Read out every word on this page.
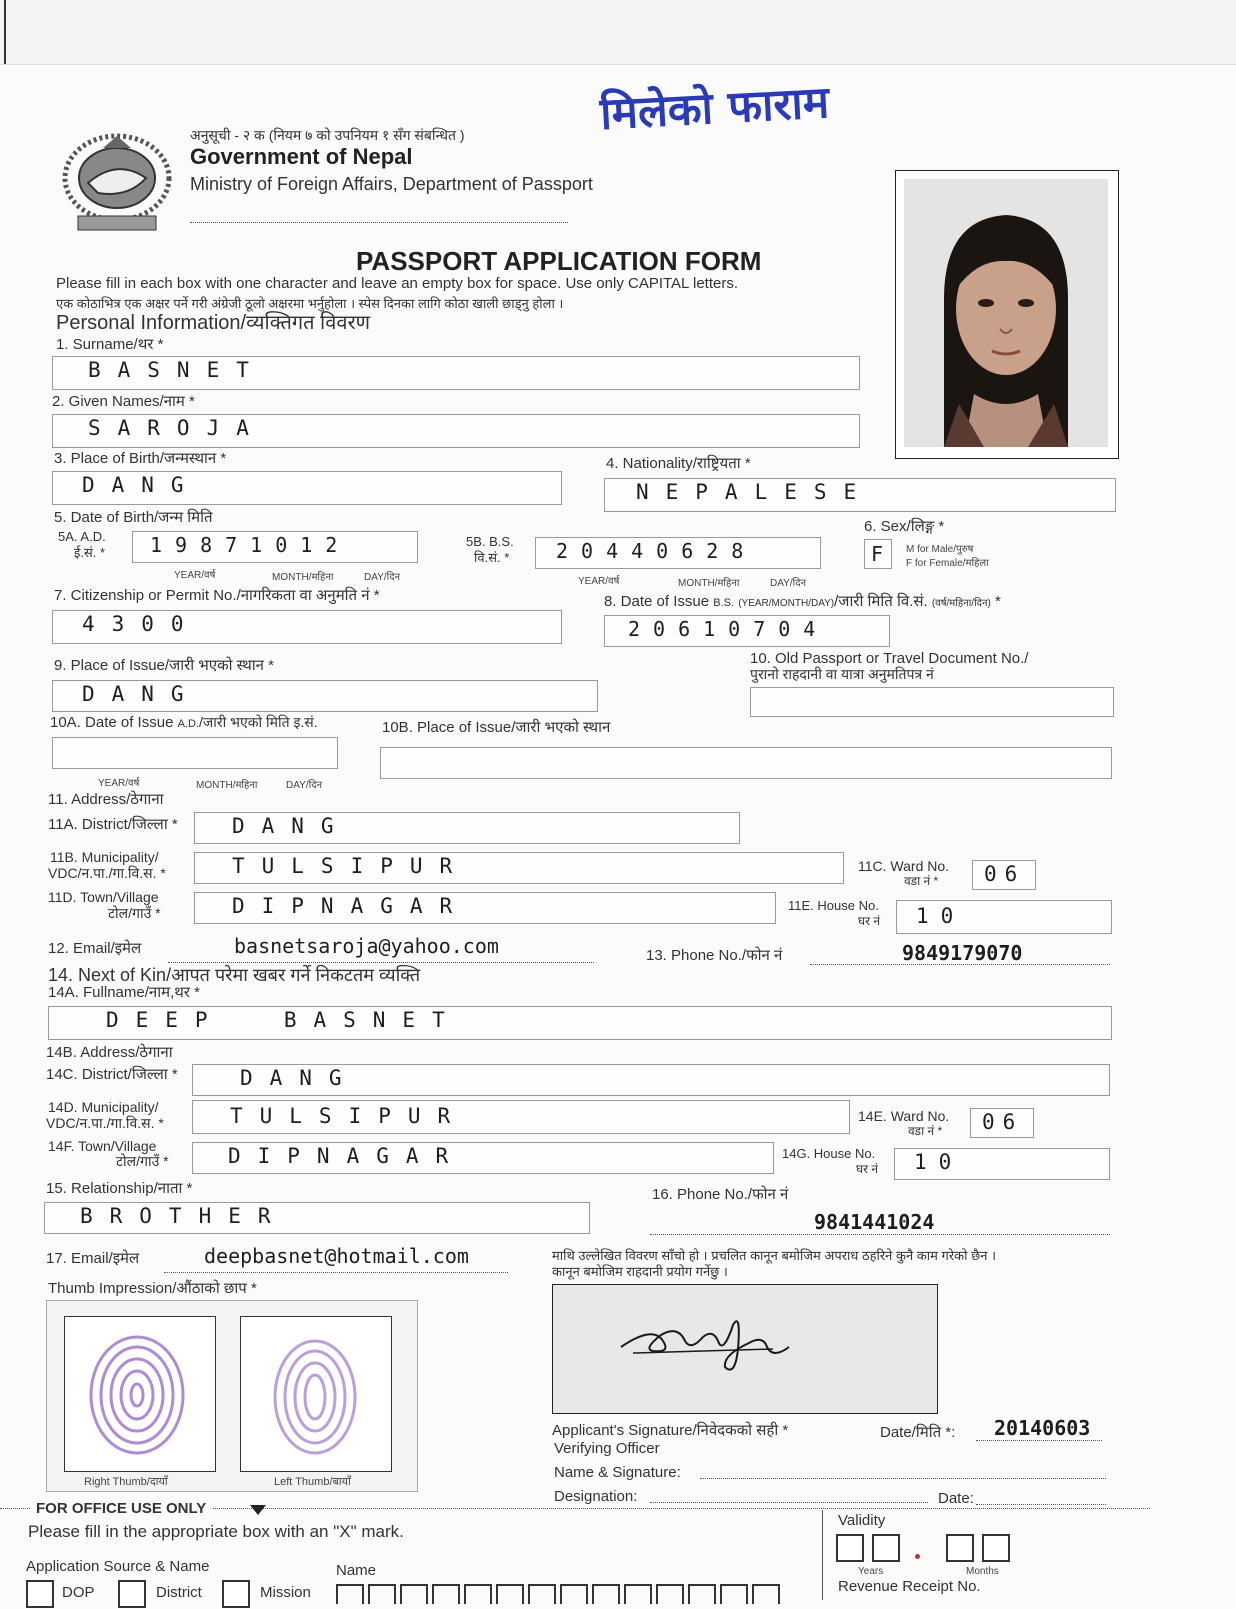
अनुसूची - २ क (नियम ७ को उपनियम १ सँग संबन्धित )
Government of Nepal
Ministry of Foreign Affairs, Department of Passport
मिलेको फाराम
PASSPORT APPLICATION FORM
Please fill in each box with one character and leave an empty box for space. Use only CAPITAL letters.
एक कोठाभित्र एक अक्षर पर्ने गरी अंग्रेजी ठूलो अक्षरमा भर्नुहोला । स्पेस दिनका लागि कोठा खाली छाड्नु होला ।
Personal Information/व्यक्तिगत विवरण
1. Surname/थर *
BASNET
2. Given Names/नाम *
SAROJA
3. Place of Birth/जन्मस्थान *
DANG
4. Nationality/राष्ट्रियता *
NEPALESE
5. Date of Birth/जन्म मिति
5A. A.D.
ई.सं. * 19871012
YEAR/वर्ष	MONTH/महिना	DAY/दिन
5B. B.S.
वि.सं. * 20440628
YEAR/वर्ष	MONTH/महिना	DAY/दिन
6. Sex/लिङ्ग *
F M for Male/पुरुष
F for Female/महिला
7. Citizenship or Permit No./नागरिकता वा अनुमति नं *
4300
8. Date of Issue B.S. (YEAR/MONTH/DAY)/जारी मिति वि.सं. (वर्ष/महिना/दिन) *
20610704
9. Place of Issue/जारी भएको स्थान *
DANG
10. Old Passport or Travel Document No./
पुरानो राहदानी वा यात्रा अनुमतिपत्र नं
10A. Date of Issue A.D./जारी भएको मिति इ.सं.
YEAR/वर्ष	MONTH/महिना	DAY/दिन
10B. Place of Issue/जारी भएको स्थान
11. Address/ठेगाना
11A. District/जिल्ला *	DANG
11B. Municipality/
VDC/न.पा./गा.वि.स. *	TULSIPUR	11C. Ward No.
वडा नं * 06
11D. Town/Village
टोल/गाउँ *	DIPNAGAR	11E. House No.
घर नं 10
12. Email/इमेल	basnetsaroja@yahoo.com	13. Phone No./फोन नं	9849179070
14. Next of Kin/आपत परेमा खबर गर्ने निकटतम व्यक्ति
14A. Fullname/नाम,थर *
DEEP  BASNET
14B. Address/ठेगाना
14C. District/जिल्ला *	DANG
14D. Municipality/
VDC/न.पा./गा.वि.स. *	TULSIPUR	14E. Ward No.
वडा नं * 06
14F. Town/Village
टोल/गाउँ *	DIPNAGAR	14G. House No.
घर नं 10
15. Relationship/नाता *
BROTHER
16. Phone No./फोन नं
9841441024
17. Email/इमेल	deepbasnet@hotmail.com	माथि उल्लेखित विवरण साँचो हो । प्रचलित कानून बमोजिम अपराध ठहरिने कुनै काम गरेको छैन ।
कानून बमोजिम राहदानी प्रयोग गर्नेछु ।
Thumb Impression/औंठाको छाप *
Right Thumb/दायाँ	Left Thumb/बायाँ
Applicant's Signature/निवेदकको सही *	Date/मिति *: 20140603
Verifying Officer
Name & Signature:
Designation:	Date:
FOR OFFICE USE ONLY
Please fill in the appropriate box with an "X" mark.
Application Source & Name	Name
DOP	District	Mission
Validity
Years	Months
Revenue Receipt No.
